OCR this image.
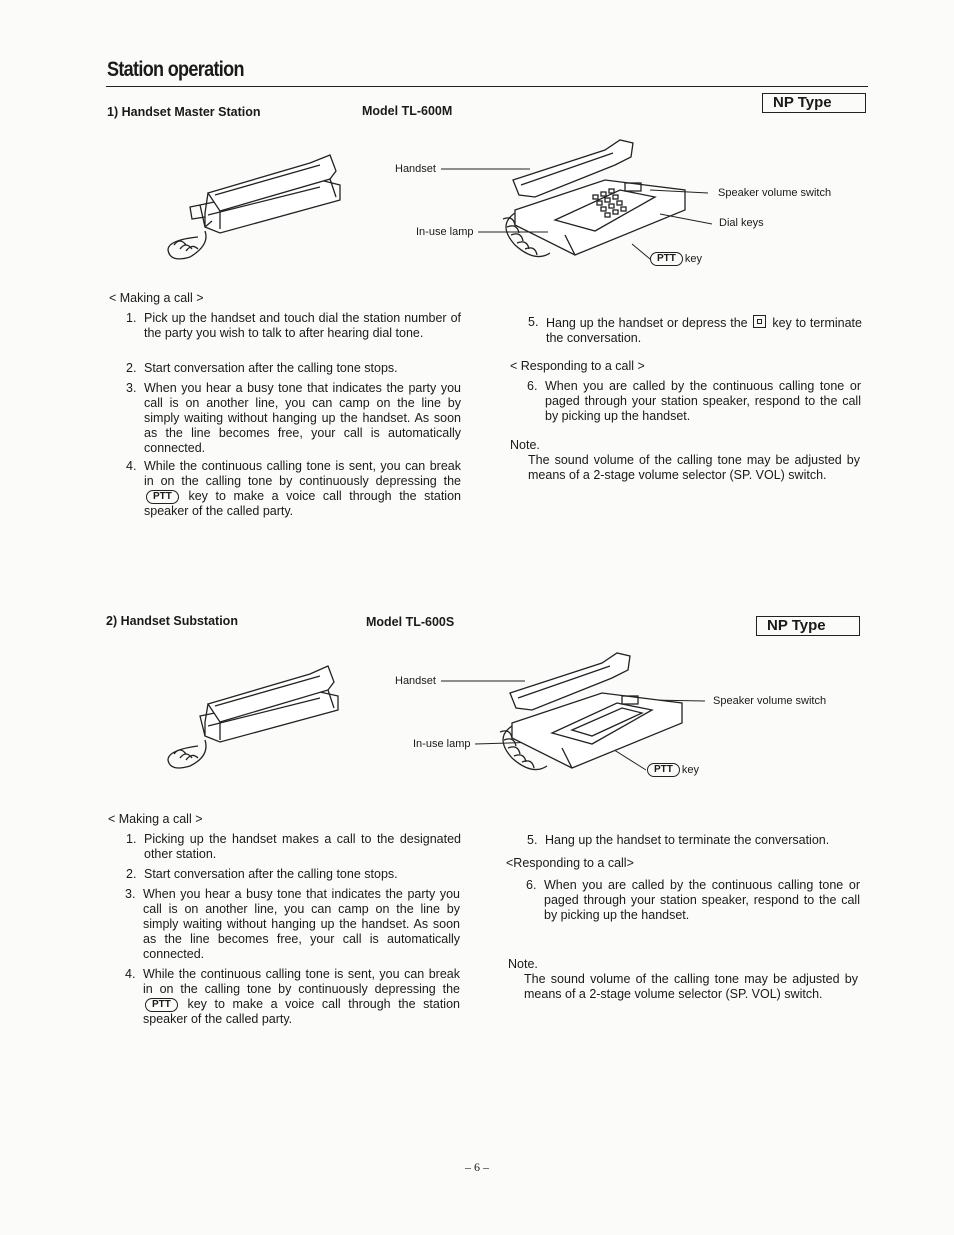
Station operation
1) Handset Master Station	Model TL-600M	NP Type
Handset
In-use lamp
Speaker volume switch
Dial keys
PTT key
< Making a call >
1. Pick up the handset and touch dial the station number of the party you wish to talk to after hearing dial tone.
2. Start conversation after the calling tone stops.
3. When you hear a busy tone that indicates the party you call is on another line, you can camp on the line by simply waiting without hanging up the handset. As soon as the line becomes free, your call is automatically connected.
4. While the continuous calling tone is sent, you can break in on the calling tone by continuously depressing the PTT key to make a voice call through the station speaker of the called party.
5. Hang up the handset or depress the key to terminate the conversation.
< Responding to a call >
6. When you are called by the continuous calling tone or paged through your station speaker, respond to the call by picking up the handset.
Note.
The sound volume of the calling tone may be adjusted by means of a 2-stage volume selector (SP. VOL) switch.
2) Handset Substation	Model TL-600S	NP Type
Handset
In-use lamp
Speaker volume switch
PTT key
< Making a call >
1. Picking up the handset makes a call to the designated other station.
2. Start conversation after the calling tone stops.
3. When you hear a busy tone that indicates the party you call is on another line, you can camp on the line by simply waiting without hanging up the handset. As soon as the line becomes free, your call is automatically connected.
4. While the continuous calling tone is sent, you can break in on the calling tone by continuously depressing the PTT key to make a voice call through the station speaker of the called party.
5. Hang up the handset to terminate the conversation.
<Responding to a call>
6. When you are called by the continuous calling tone or paged through your station speaker, respond to the call by picking up the handset.
Note.
The sound volume of the calling tone may be adjusted by means of a 2-stage volume selector (SP. VOL) switch.
– 6 –
